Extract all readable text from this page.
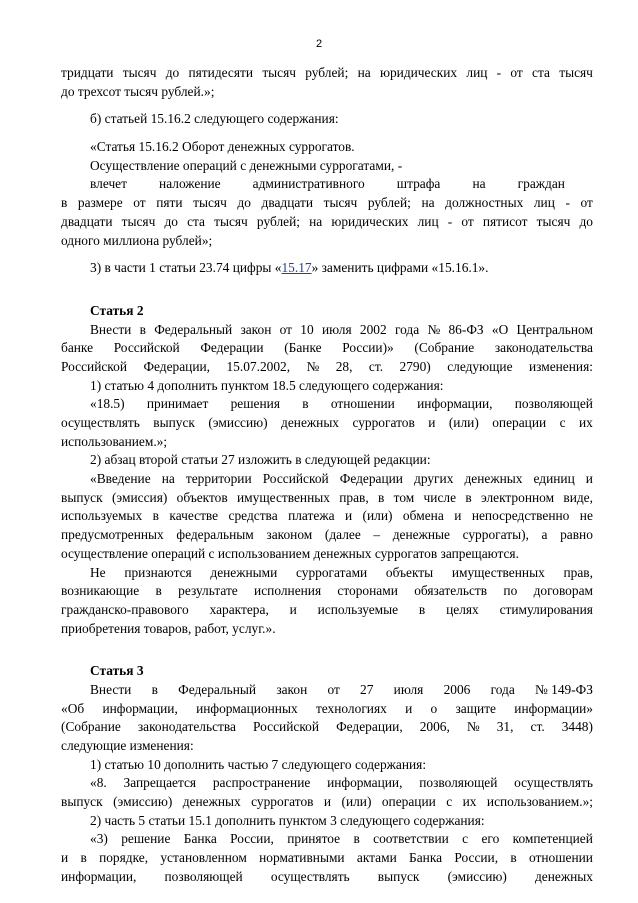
2
тридцати тысяч до пятидесяти тысяч рублей; на юридических лиц - от ста тысяч
до трехсот тысяч рублей.»;
б) статьей 15.16.2 следующего содержания:
«Статья 15.16.2 Оборот денежных суррогатов.
Осуществление операций с денежными суррогатами, -
влечет наложение административного штрафа на граждан
в размере от пяти тысяч до двадцати тысяч рублей; на должностных лиц - от
двадцати тысяч до ста тысяч рублей; на юридических лиц - от пятисот тысяч до
одного миллиона рублей»;
3) в части 1 статьи 23.74 цифры «15.17» заменить цифрами «15.16.1».
Статья 2
Внести в Федеральный закон от 10 июля 2002 года № 86-ФЗ «О Центральном
банке Российской Федерации (Банке России)» (Собрание законодательства
Российской Федерации, 15.07.2002, № 28, ст. 2790) следующие изменения:
1) статью 4 дополнить пунктом 18.5 следующего содержания:
«18.5) принимает решения в отношении информации, позволяющей
осуществлять выпуск (эмиссию) денежных суррогатов и (или) операции с их
использованием.»;
2) абзац второй статьи 27 изложить в следующей редакции:
«Введение на территории Российской Федерации других денежных единиц и
выпуск (эмиссия) объектов имущественных прав, в том числе в электронном виде,
используемых в качестве средства платежа и (или) обмена и непосредственно не
предусмотренных федеральным законом (далее – денежные суррогаты), а равно
осуществление операций с использованием денежных суррогатов запрещаются.
Не признаются денежными суррогатами объекты имущественных прав,
возникающие в результате исполнения сторонами обязательств по договорам
гражданско-правового характера, и используемые в целях стимулирования
приобретения товаров, работ, услуг.».
Статья 3
Внести в Федеральный закон от 27 июля 2006 года № 149-ФЗ
«Об информации, информационных технологиях и о защите информации»
(Собрание законодательства Российской Федерации, 2006, № 31, ст. 3448)
следующие изменения:
1) статью 10 дополнить частью 7 следующего содержания:
«8. Запрещается распространение информации, позволяющей осуществлять
выпуск (эмиссию) денежных суррогатов и (или) операции с их использованием.»;
2) часть 5 статьи 15.1 дополнить пунктом 3 следующего содержания:
«3) решение Банка России, принятое в соответствии с его компетенцией
и в порядке, установленном нормативными актами Банка России, в отношении
информации, позволяющей осуществлять выпуск (эмиссию) денежных
